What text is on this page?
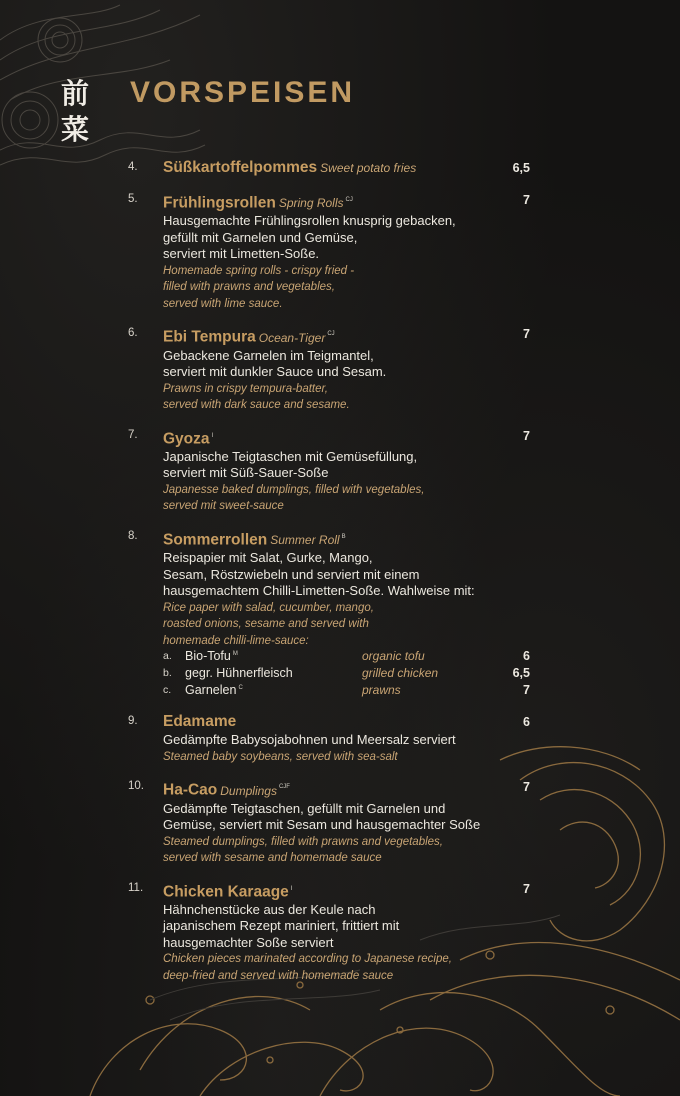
前菜
VORSPEISEN
4.	6,5
Süßkartoffelpommes Sweet potato fries
5.	7
Frühlingsrollen Spring Rolls $^{CJ}$
Hausgemachte Frühlingsrollen knusprig gebacken,
gefüllt mit Garnelen und Gemüse,
serviert mit Limetten-Soße.
Homemade spring rolls - crispy fried -
filled with prawns and vegetables,
served with lime sauce.
6.	7
Ebi Tempura Ocean-Tiger $^{CJ}$
Gebackene Garnelen im Teigmantel,
serviert mit dunkler Sauce und Sesam.
Prawns in crispy tempura-batter,
served with dark sauce and sesame.
7.	7
Gyoza $^I$
Japanische Teigtaschen mit Gemüsefüllung,
serviert mit Süß-Sauer-Soße
Japanesse baked dumplings, filled with vegetables,
served mit sweet-sauce
8. Sommerrollen Summer Roll $^B$
Reispapier mit Salat, Gurke, Mango,
Sesam, Röstzwiebeln und serviert mit einem
hausgemachtem Chilli-Limetten-Soße. Wahlweise mit:
Rice paper with salad, cucumber, mango,
roasted onions, sesame and served with
homemade chilli-lime-sauce:
a. Bio-Tofu $^M$	organic tofu	6
b. gegr. Hühnerfleisch	grilled chicken	6,5
c. Garnelen $^C$	prawns	7
9.	6
Edamame
Gedämpfte Babysojabohnen und Meersalz serviert
Steamed baby soybeans, served with sea-salt
10.	7
Ha-Cao Dumplings $^{CJF}$
Gedämpfte Teigtaschen, gefüllt mit Garnelen und
Gemüse, serviert mit Sesam und hausgemachter Soße
Steamed dumplings, filled with prawns and vegetables,
served with sesame and homemade sauce
11.	7
Chicken Karaage $^I$
Hähnchenstücke aus der Keule nach
japanischem Rezept mariniert, frittiert mit
hausgemachter Soße serviert
Chicken pieces marinated according to Japanese recipe,
deep-fried and served with homemade sauce
